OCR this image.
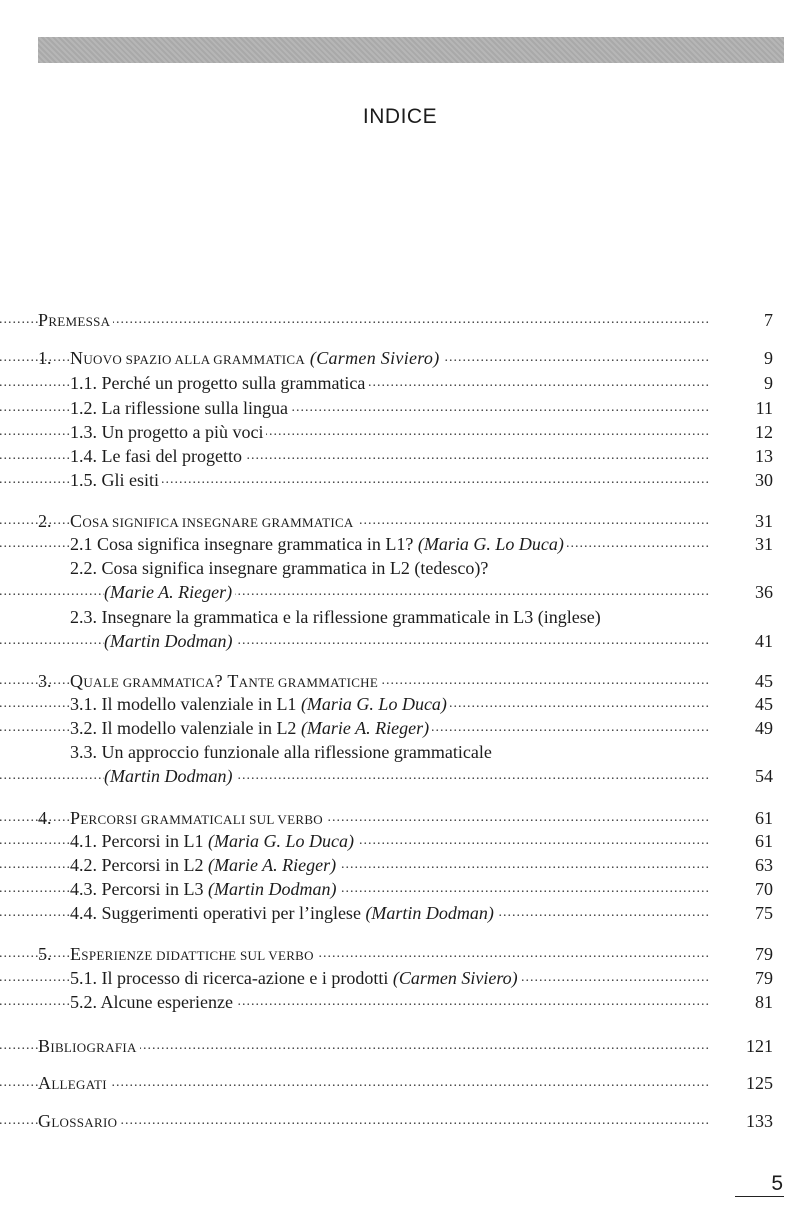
INDICE
.....
PREMESSA	7
1. ..... NUOVO SPAZIO ALLA GRAMMATICA (Carmen Siviero)	9
.....
1.1. Perché un progetto sulla grammatica	9
.....
1.2. La riflessione sulla lingua	11
.....
1.3. Un progetto a più voci	12
.....
1.4. Le fasi del progetto	13
.....
1.5. Gli esiti	30
2. ..... COSA SIGNIFICA INSEGNARE GRAMMATICA	31
.....
2.1 Cosa significa insegnare grammatica in L1? (Maria G. Lo Duca)	31
2.2. Cosa significa insegnare grammatica in L2 (tedesco)?
.....
(Marie A. Rieger)	36
2.3. Insegnare la grammatica e la riflessione grammaticale in L3 (inglese)
.....
(Martin Dodman)	41
3. ..... QUALE GRAMMATICA? TANTE GRAMMATICHE	45
.....
3.1. Il modello valenziale in L1 (Maria G. Lo Duca)	45
.....
3.2. Il modello valenziale in L2 (Marie A. Rieger)	49
3.3. Un approccio funzionale alla riflessione grammaticale
.....
(Martin Dodman)	54
4. ..... PERCORSI GRAMMATICALI SUL VERBO	61
.....
4.1. Percorsi in L1 (Maria G. Lo Duca)	61
.....
4.2. Percorsi in L2 (Marie A. Rieger)	63
.....
4.3. Percorsi in L3 (Martin Dodman)	70
.....
4.4. Suggerimenti operativi per l’inglese (Martin Dodman)	75
5. ..... ESPERIENZE DIDATTICHE SUL VERBO	79
.....
5.1. Il processo di ricerca-azione e i prodotti (Carmen Siviero)	79
.....
5.2. Alcune esperienze	81
.....
BIBLIOGRAFIA	121
.....
ALLEGATI	125
.....
GLOSSARIO	133
5
